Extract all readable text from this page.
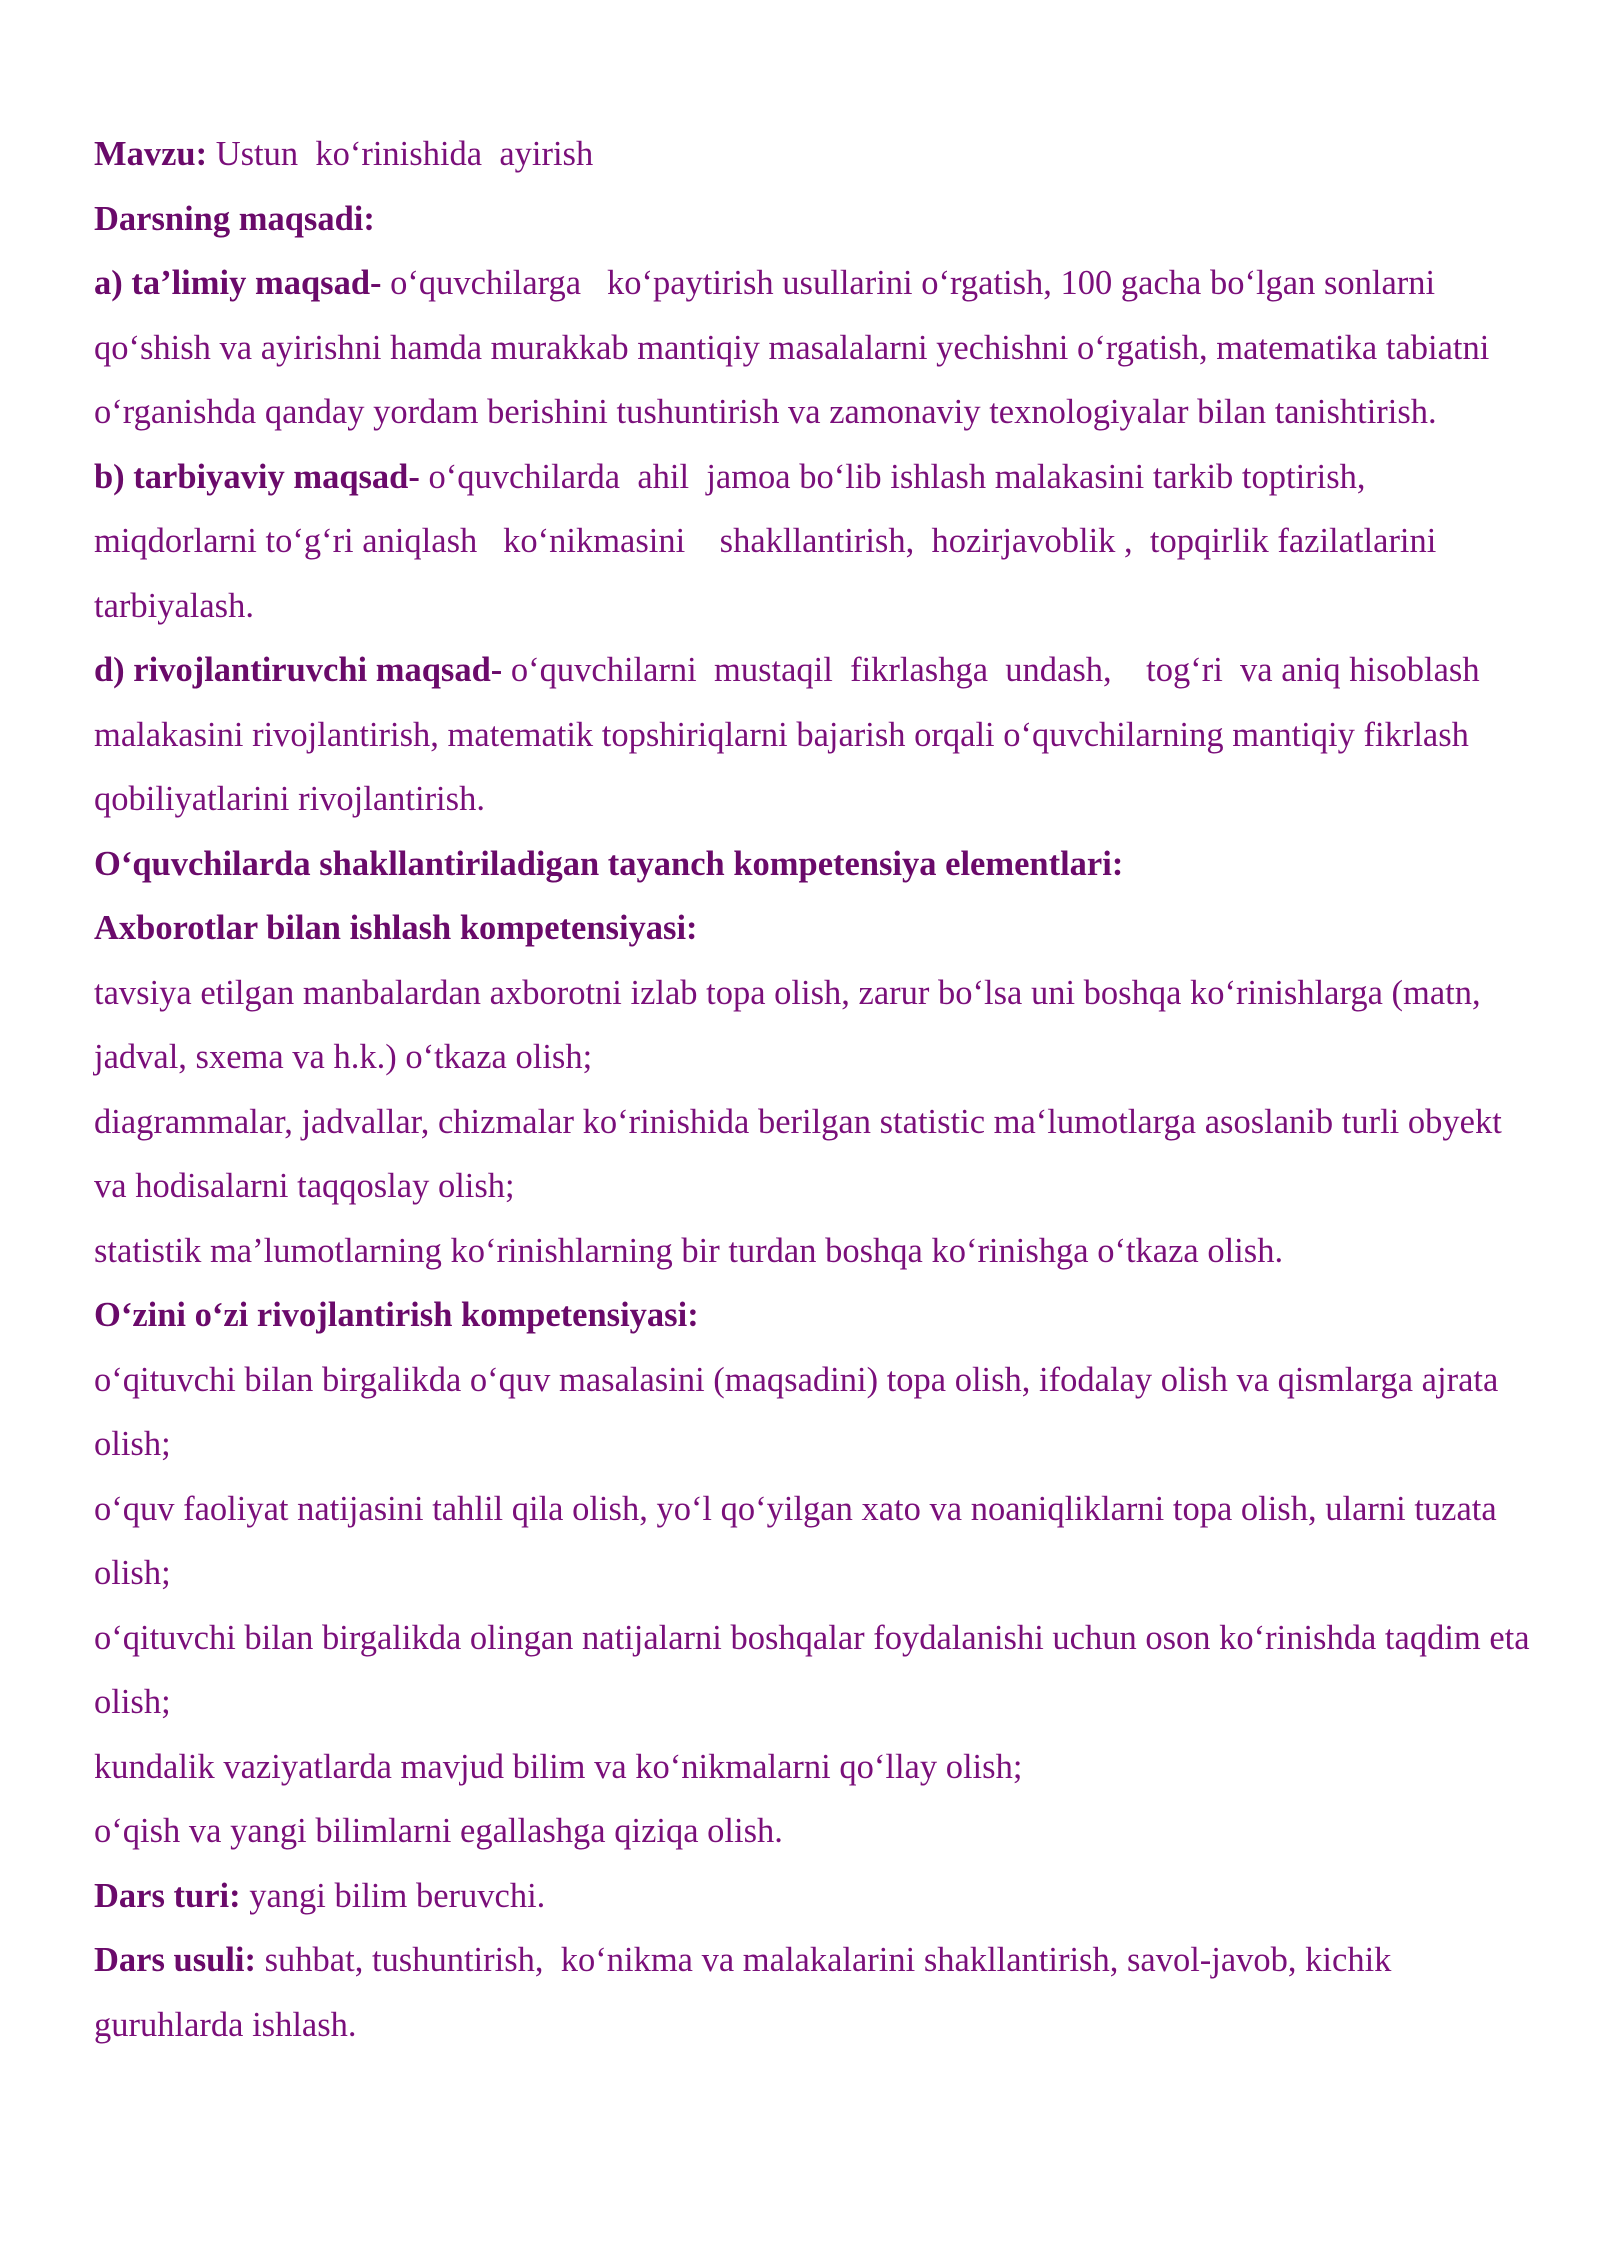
Mavzu: Ustun  ko‘rinishida  ayirish

Darsning maqsadi:

a) ta’limiy maqsad- o‘quvchilarga   ko‘paytirish usullarini o‘rgatish, 100 gacha bo‘lgan sonlarni qo‘shish va ayirishni hamda murakkab mantiqiy masalalarni yechishni o‘rgatish, matematika tabiatni o‘rganishda qanday yordam berishini tushuntirish va zamonaviy texnologiyalar bilan tanishtirish.

b) tarbiyaviy maqsad- o‘quvchilarda  ahil  jamoa bo‘lib ishlash malakasini tarkib toptirish, miqdorlarni to‘g‘ri aniqlash   ko‘nikmasini    shakllantirish,  hozirjavoblik ,  topqirlik fazilatlarini  tarbiyalash.

d) rivojlantiruvchi maqsad- o‘quvchilarni  mustaqil  fikrlashga  undash,    tog‘ri  va aniq hisoblash malakasini rivojlantirish, matematik topshiriqlarni bajarish orqali o‘quvchilarning mantiqiy fikrlash qobiliyatlarini rivojlantirish.

O‘quvchilarda shakllantiriladigan tayanch kompetensiya elementlari:

Axborotlar bilan ishlash kompetensiyasi:

tavsiya etilgan manbalardan axborotni izlab topa olish, zarur bo‘lsa uni boshqa ko‘rinishlarga (matn, jadval, sxema va h.k.) o‘tkaza olish;

diagrammalar, jadvallar, chizmalar ko‘rinishida berilgan statistic ma‘lumotlarga asoslanib turli obyekt va hodisalarni taqqoslay olish;

statistik ma’lumotlarning ko‘rinishlarning bir turdan boshqa ko‘rinishga o‘tkaza olish.

O‘zini o‘zi rivojlantirish kompetensiyasi:

o‘qituvchi bilan birgalikda o‘quv masalasini (maqsadini) topa olish, ifodalay olish va qismlarga ajrata olish;

o‘quv faoliyat natijasini tahlil qila olish, yo‘l qo‘yilgan xato va noaniqliklarni topa olish, ularni tuzata olish;

o‘qituvchi bilan birgalikda olingan natijalarni boshqalar foydalanishi uchun oson ko‘rinishda taqdim eta olish;

kundalik vaziyatlarda mavjud bilim va ko‘nikmalarni qo‘llay olish;

o‘qish va yangi bilimlarni egallashga qiziqa olish.

Dars turi: yangi bilim beruvchi.

Dars usuli: suhbat, tushuntirish,  ko‘nikma va malakalarini shakllantirish, savol-javob, kichik guruhlarda ishlash.
